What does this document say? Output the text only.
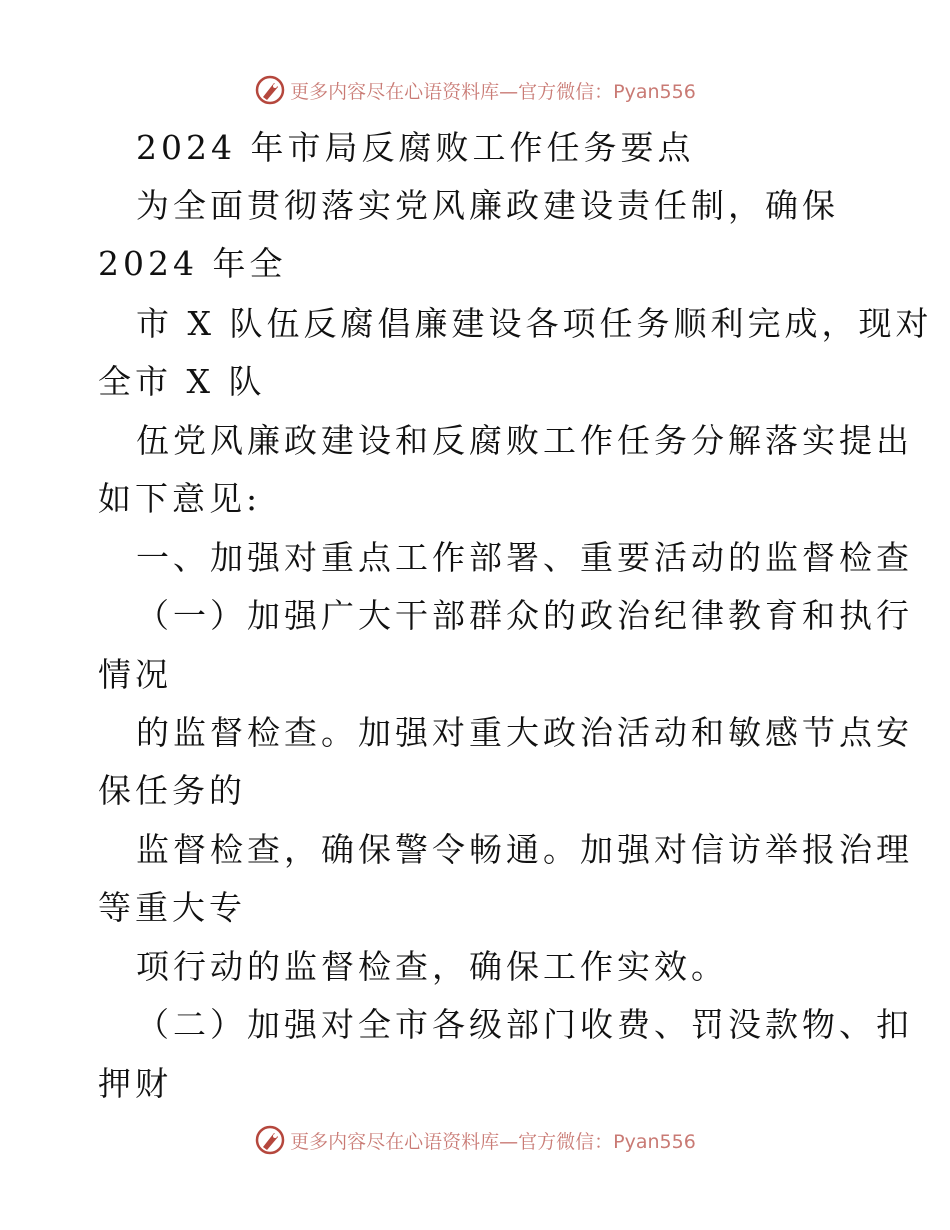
更多内容尽在心语资料库—官方微信：Pyan556
2024 年市局反腐败工作任务要点
为全面贯彻落实党风廉政建设责任制，确保
2024 年全
市 X 队伍反腐倡廉建设各项任务顺利完成，现对
全市 X 队
伍党风廉政建设和反腐败工作任务分解落实提出
如下意见:
一、加强对重点工作部署、重要活动的监督检查
（一）加强广大干部群众的政治纪律教育和执行
情况
的监督检查。加强对重大政治活动和敏感节点安
保任务的
监督检查，确保警令畅通。加强对信访举报治理
等重大专
项行动的监督检查，确保工作实效。
（二）加强对全市各级部门收费、罚没款物、扣
押财
更多内容尽在心语资料库—官方微信：Pyan556
